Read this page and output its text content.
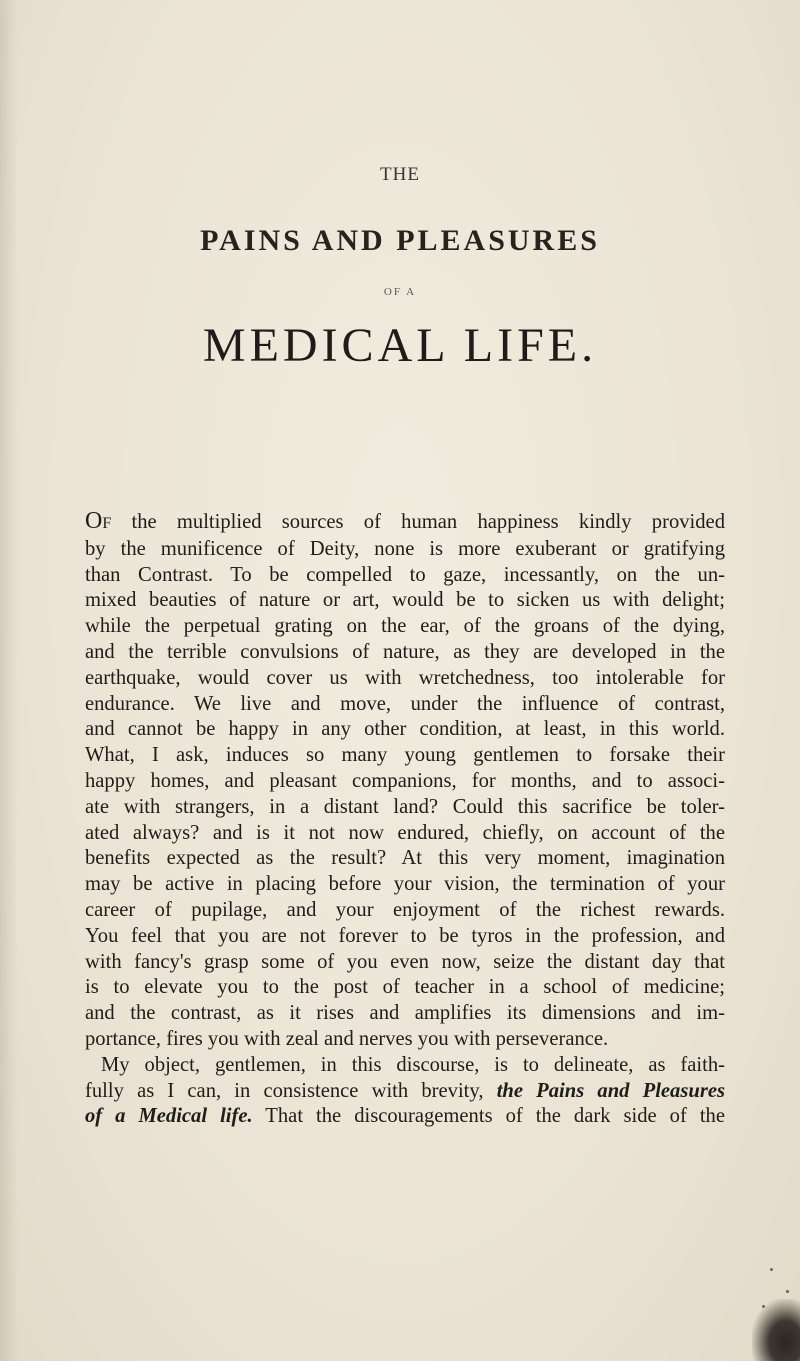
THE
PAINS AND PLEASURES
OF A
MEDICAL LIFE.
OF the multiplied sources of human happiness kindly provided
by the munificence of Deity, none is more exuberant or gratifying
than Contrast. To be compelled to gaze, incessantly, on the un-
mixed beauties of nature or art, would be to sicken us with delight;
while the perpetual grating on the ear, of the groans of the dying,
and the terrible convulsions of nature, as they are developed in the
earthquake, would cover us with wretchedness, too intolerable for
endurance. We live and move, under the influence of contrast,
and cannot be happy in any other condition, at least, in this world.
What, I ask, induces so many young gentlemen to forsake their
happy homes, and pleasant companions, for months, and to associ-
ate with strangers, in a distant land? Could this sacrifice be toler-
ated always? and is it not now endured, chiefly, on account of the
benefits expected as the result? At this very moment, imagination
may be active in placing before your vision, the termination of your
career of pupilage, and your enjoyment of the richest rewards.
You feel that you are not forever to be tyros in the profession, and
with fancy's grasp some of you even now, seize the distant day that
is to elevate you to the post of teacher in a school of medicine;
and the contrast, as it rises and amplifies its dimensions and im-
portance, fires you with zeal and nerves you with perseverance.
My object, gentlemen, in this discourse, is to delineate, as faith-
fully as I can, in consistence with brevity, the Pains and Pleasures
of a Medical life. That the discouragements of the dark side of the
